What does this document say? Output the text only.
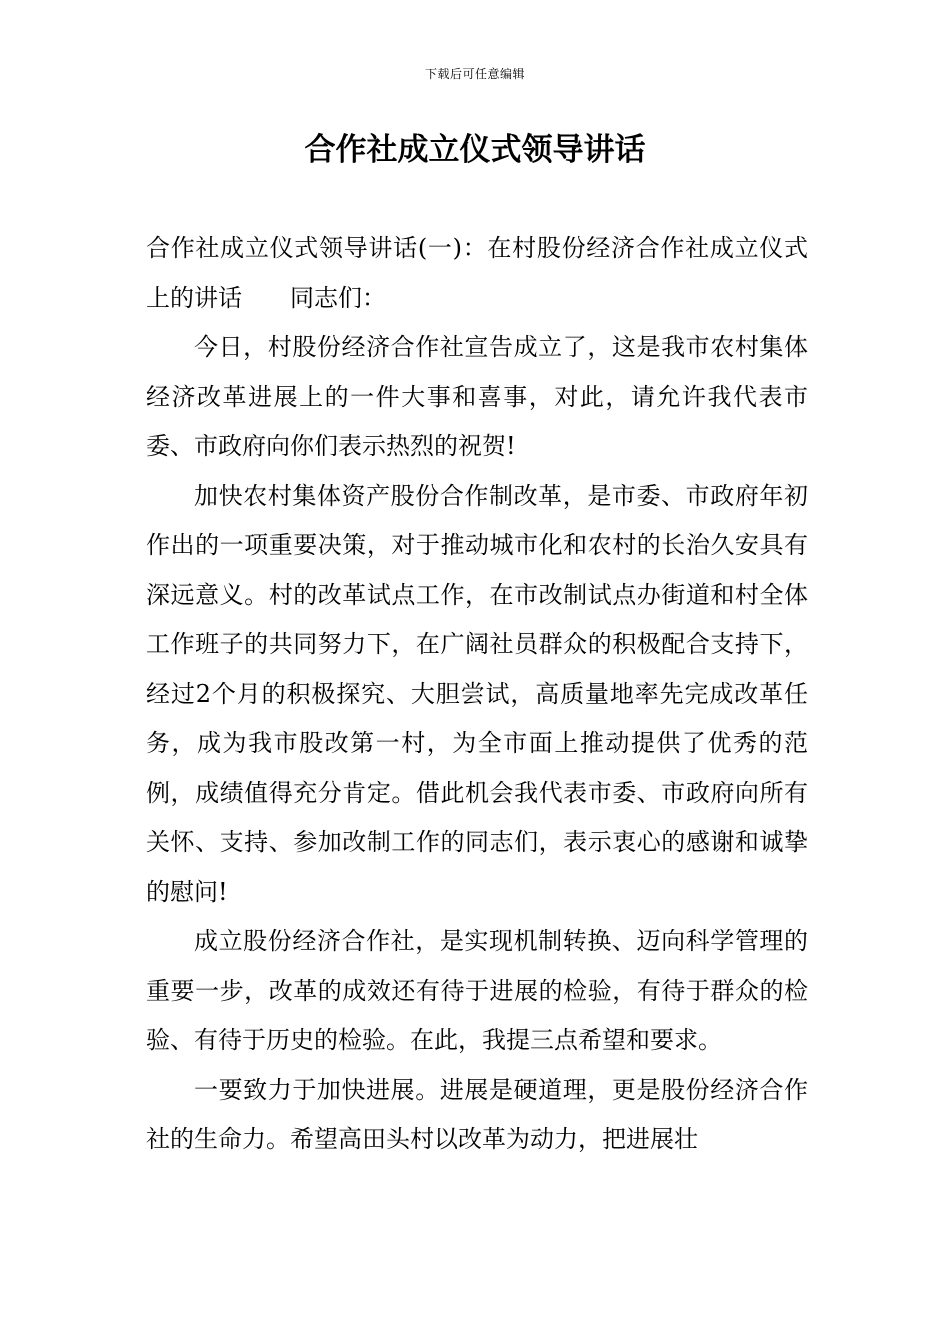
下载后可任意编辑
合作社成立仪式领导讲话

合作社成立仪式领导讲话(一)：在村股份经济合作社成立仪式上的讲话　　同志们：

今日，村股份经济合作社宣告成立了，这是我市农村集体经济改革进展上的一件大事和喜事，对此，请允许我代表市委、市政府向你们表示热烈的祝贺!

加快农村集体资产股份合作制改革，是市委、市政府年初作出的一项重要决策，对于推动城市化和农村的长治久安具有深远意义。村的改革试点工作，在市改制试点办街道和村全体工作班子的共同努力下，在广阔社员群众的积极配合支持下，经过2个月的积极探究、大胆尝试，高质量地率先完成改革任务，成为我市股改第一村，为全市面上推动提供了优秀的范例，成绩值得充分肯定。借此机会我代表市委、市政府向所有关怀、支持、参加改制工作的同志们，表示衷心的感谢和诚挚的慰问!

成立股份经济合作社，是实现机制转换、迈向科学管理的重要一步，改革的成效还有待于进展的检验，有待于群众的检验、有待于历史的检验。在此，我提三点希望和要求。

一要致力于加快进展。进展是硬道理，更是股份经济合作社的生命力。希望高田头村以改革为动力，把进展壮
